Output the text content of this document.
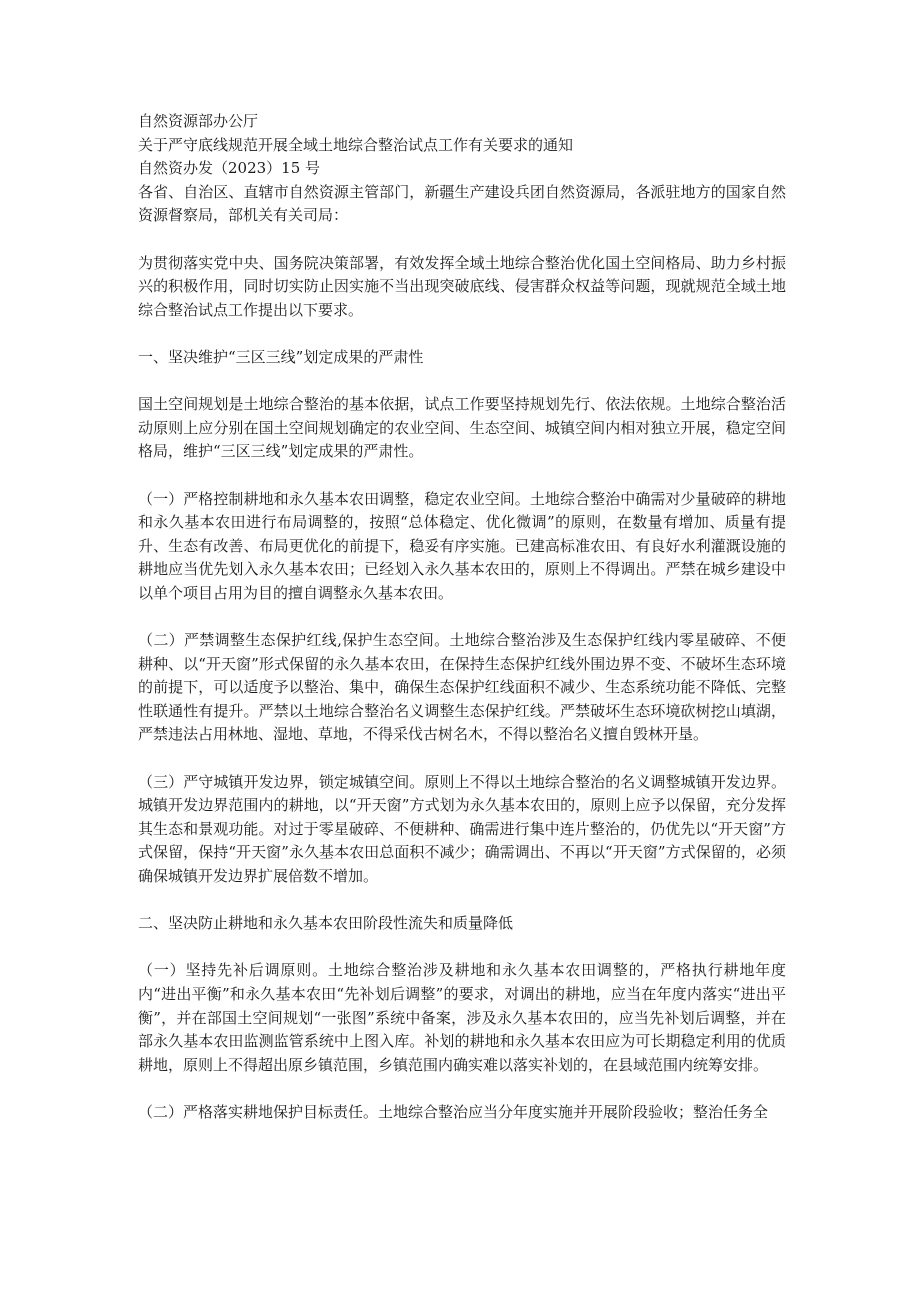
自然资源部办公厅
关于严守底线规范开展全域土地综合整治试点工作有关要求的通知
自然资办发（2023）15 号

各省、自治区、直辖市自然资源主管部门，新疆生产建设兵团自然资源局，各派驻地方的国家自然资源督察局，部机关有关司局：

为贯彻落实党中央、国务院决策部署，有效发挥全域土地综合整治优化国土空间格局、助力乡村振兴的积极作用，同时切实防止因实施不当出现突破底线、侵害群众权益等问题，现就规范全域土地综合整治试点工作提出以下要求。

一、坚决维护“三区三线”划定成果的严肃性

国土空间规划是土地综合整治的基本依据，试点工作要坚持规划先行、依法依规。土地综合整治活动原则上应分别在国土空间规划确定的农业空间、生态空间、城镇空间内相对独立开展，稳定空间格局，维护“三区三线”划定成果的严肃性。

（一）严格控制耕地和永久基本农田调整，稳定农业空间。土地综合整治中确需对少量破碎的耕地和永久基本农田进行布局调整的，按照“总体稳定、优化微调”的原则，在数量有增加、质量有提升、生态有改善、布局更优化的前提下，稳妥有序实施。已建高标准农田、有良好水利灌溉设施的耕地应当优先划入永久基本农田；已经划入永久基本农田的，原则上不得调出。严禁在城乡建设中以单个项目占用为目的擅自调整永久基本农田。

（二）严禁调整生态保护红线,保护生态空间。土地综合整治涉及生态保护红线内零星破碎、不便耕种、以“开天窗”形式保留的永久基本农田，在保持生态保护红线外围边界不变、不破坏生态环境的前提下，可以适度予以整治、集中，确保生态保护红线面积不减少、生态系统功能不降低、完整性联通性有提升。严禁以土地综合整治名义调整生态保护红线。严禁破坏生态环境砍树挖山填湖，严禁违法占用林地、湿地、草地，不得采伐古树名木，不得以整治名义擅自毁林开垦。

（三）严守城镇开发边界，锁定城镇空间。原则上不得以土地综合整治的名义调整城镇开发边界。城镇开发边界范围内的耕地，以“开天窗”方式划为永久基本农田的，原则上应予以保留，充分发挥其生态和景观功能。对过于零星破碎、不便耕种、确需进行集中连片整治的，仍优先以“开天窗”方式保留，保持“开天窗”永久基本农田总面积不减少；确需调出、不再以“开天窗”方式保留的，必须确保城镇开发边界扩展倍数不增加。

二、坚决防止耕地和永久基本农田阶段性流失和质量降低

（一）坚持先补后调原则。土地综合整治涉及耕地和永久基本农田调整的，严格执行耕地年度内“进出平衡”和永久基本农田“先补划后调整”的要求，对调出的耕地，应当在年度内落实“进出平衡”，并在部国土空间规划“一张图”系统中备案，涉及永久基本农田的，应当先补划后调整，并在部永久基本农田监测监管系统中上图入库。补划的耕地和永久基本农田应为可长期稳定利用的优质耕地，原则上不得超出原乡镇范围，乡镇范围内确实难以落实补划的，在县域范围内统筹安排。

（二）严格落实耕地保护目标责任。土地综合整治应当分年度实施并开展阶段验收；整治任务全
